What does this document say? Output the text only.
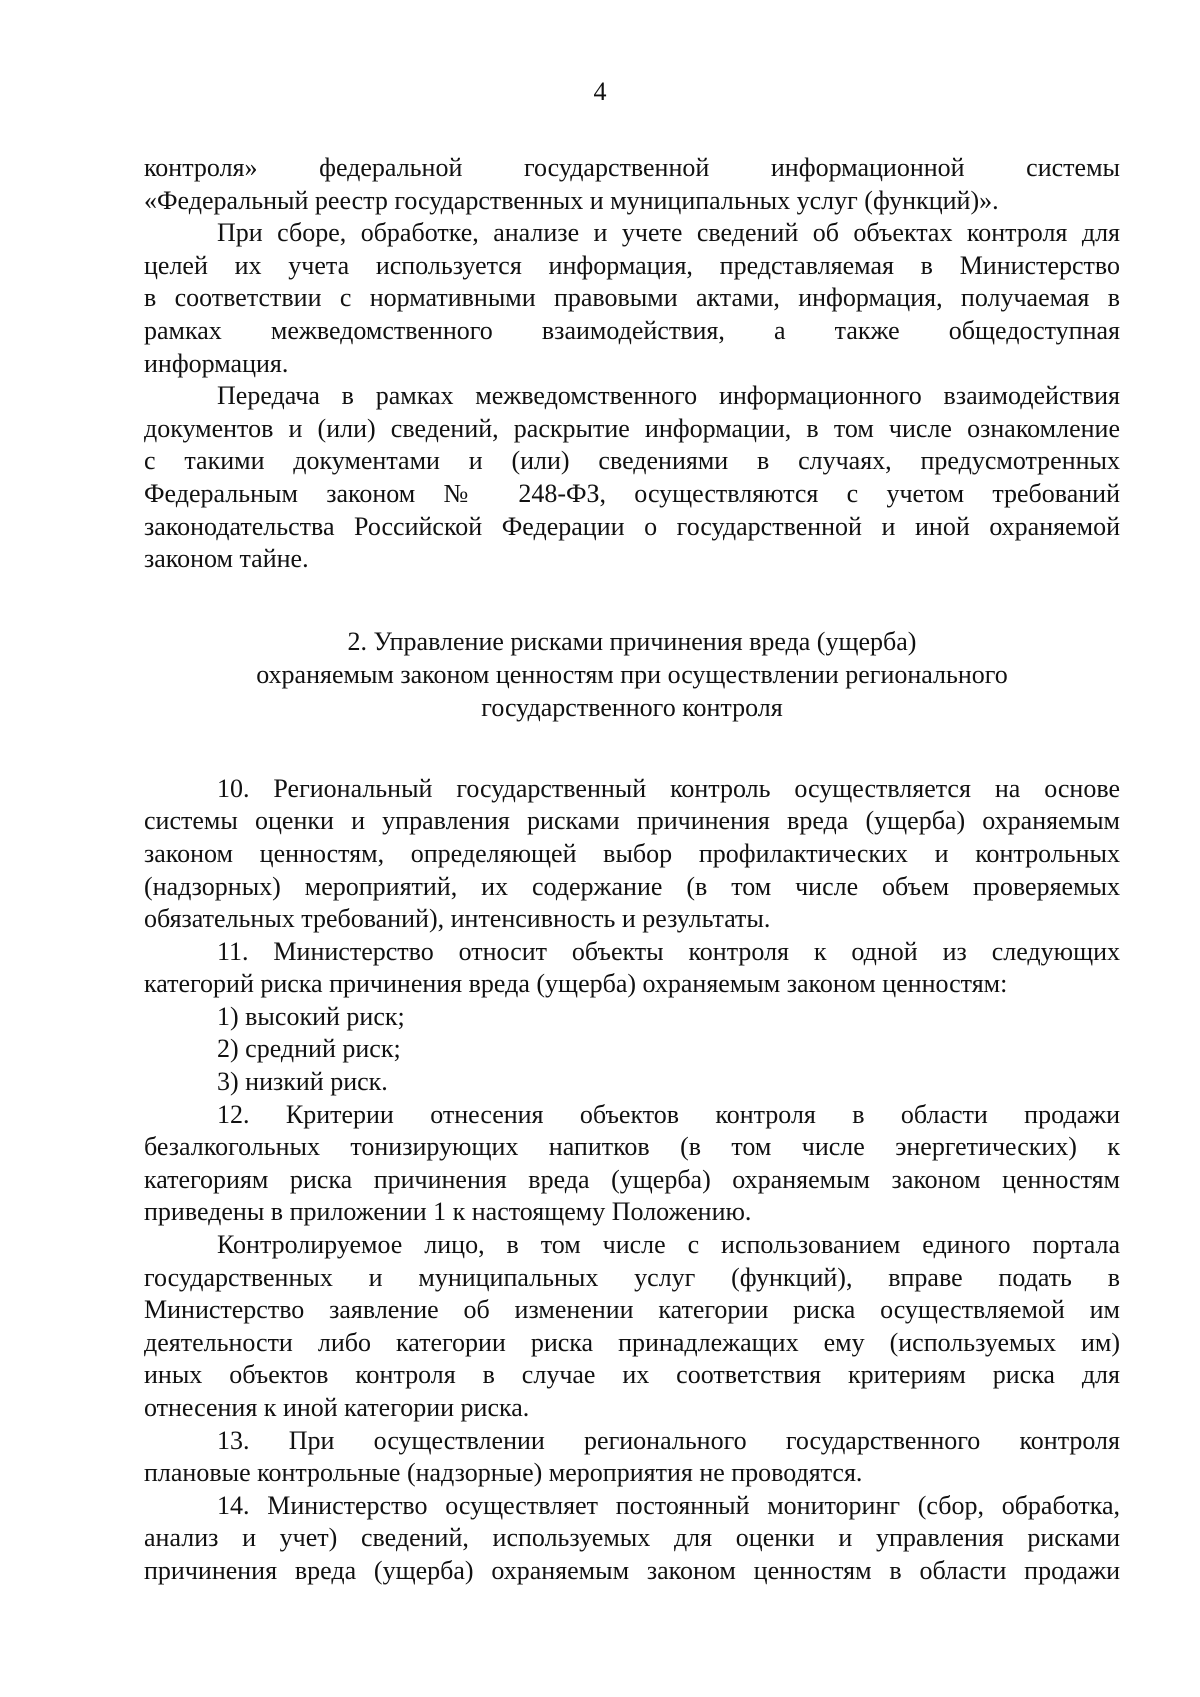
4
контроля» федеральной государственной информационной системы
«Федеральный реестр государственных и муниципальных услуг (функций)».
При сборе, обработке, анализе и учете сведений об объектах контроля для
целей их учета используется информация, представляемая в Министерство
в соответствии с нормативными правовыми актами, информация, получаемая в
рамках межведомственного взаимодействия, а также общедоступная
информация.
Передача в рамках межведомственного информационного взаимодействия
документов и (или) сведений, раскрытие информации, в том числе ознакомление
с такими документами и (или) сведениями в случаях, предусмотренных
Федеральным законом № 248-ФЗ, осуществляются с учетом требований
законодательства Российской Федерации о государственной и иной охраняемой
законом тайне.
2. Управление рисками причинения вреда (ущерба)
охраняемым законом ценностям при осуществлении регионального
государственного контроля
10. Региональный государственный контроль осуществляется на основе
системы оценки и управления рисками причинения вреда (ущерба) охраняемым
законом ценностям, определяющей выбор профилактических и контрольных
(надзорных) мероприятий, их содержание (в том числе объем проверяемых
обязательных требований), интенсивность и результаты.
11. Министерство относит объекты контроля к одной из следующих
категорий риска причинения вреда (ущерба) охраняемым законом ценностям:
1) высокий риск;
2) средний риск;
3) низкий риск.
12. Критерии отнесения объектов контроля в области продажи
безалкогольных тонизирующих напитков (в том числе энергетических) к
категориям риска причинения вреда (ущерба) охраняемым законом ценностям
приведены в приложении 1 к настоящему Положению.
Контролируемое лицо, в том числе с использованием единого портала
государственных и муниципальных услуг (функций), вправе подать в
Министерство заявление об изменении категории риска осуществляемой им
деятельности либо категории риска принадлежащих ему (используемых им)
иных объектов контроля в случае их соответствия критериям риска для
отнесения к иной категории риска.
13. При осуществлении регионального государственного контроля
плановые контрольные (надзорные) мероприятия не проводятся.
14. Министерство осуществляет постоянный мониторинг (сбор, обработка,
анализ и учет) сведений, используемых для оценки и управления рисками
причинения вреда (ущерба) охраняемым законом ценностям в области продажи
